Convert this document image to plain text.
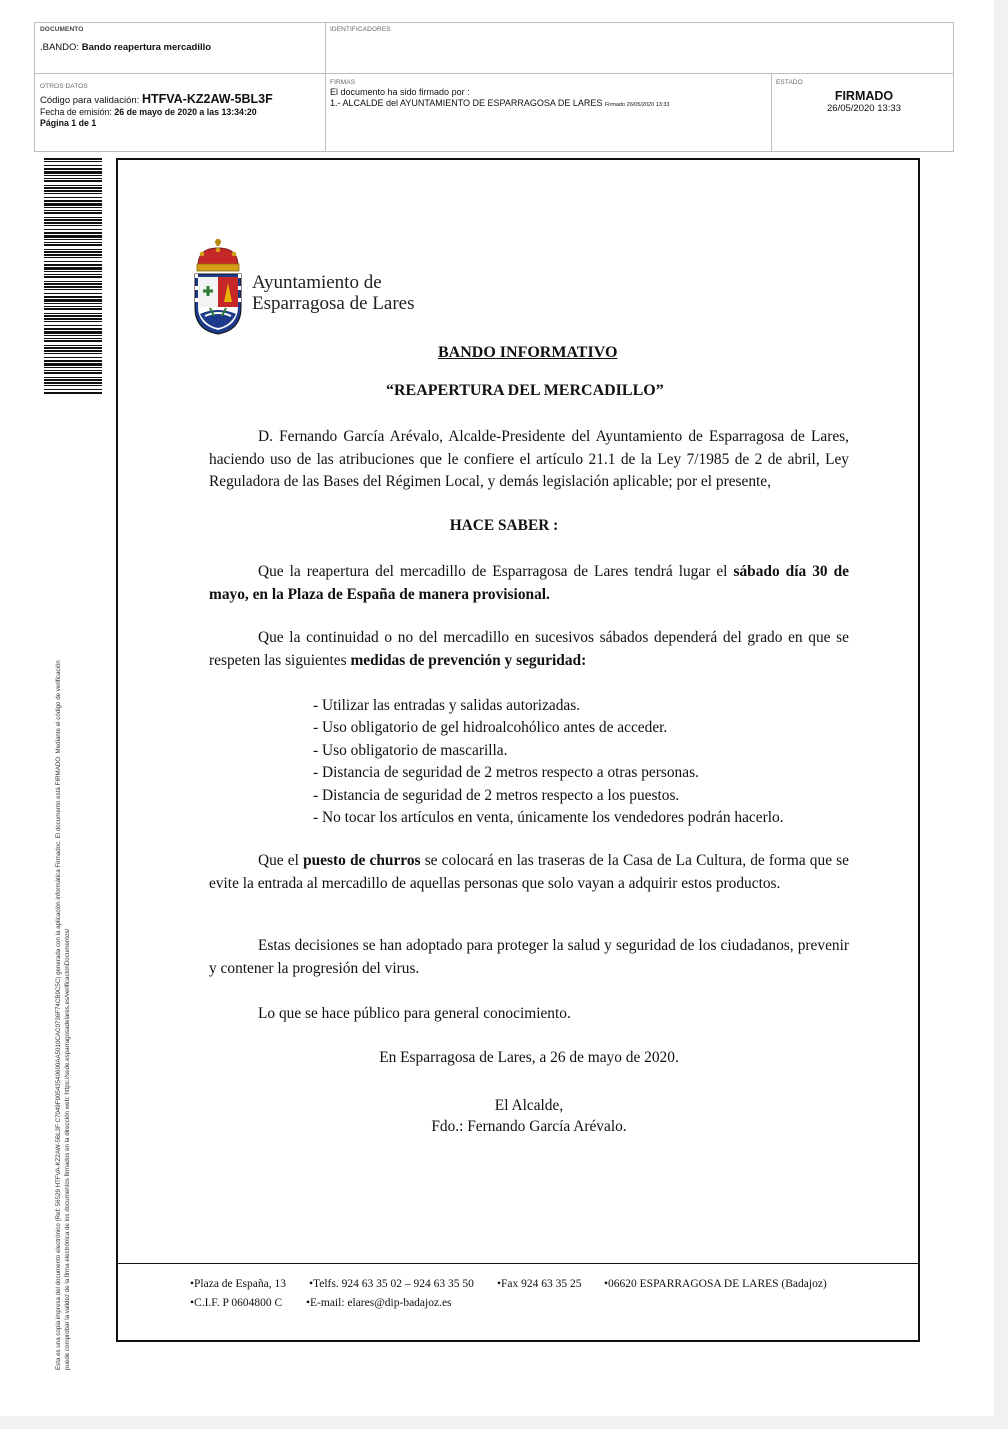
DOCUMENTO
.BANDO: Bando reapertura mercadillo
IDENTIFICADORES
OTROS DATOS
Código para validación: HTFVA-KZ2AW-5BL3F
Fecha de emisión: 26 de mayo de 2020 a las 13:34:20
Página 1 de 1
FIRMAS
El documento ha sido firmado por :
1.- ALCALDE del AYUNTAMIENTO DE ESPARRAGOSA DE LARES Firmado 26/05/2020 13:33
ESTADO
FIRMADO
26/05/2020 13:33
Esta es una copia impresa del documento electrónico (Ref: 56529 HTFVA-KZ2AW-5BL3F C7049F90543540600AA5010CAC0736F74CB9C5C) generada con la aplicación informática Firmadoc. El documento está FIRMADO. Mediante el código de verificación puede comprobar la validez de la firma electrónica de los documentos firmados en la dirección web: https://sede.esparragosadelares.es/verificacionDocumentos/
Ayuntamiento de
Esparragosa de Lares
BANDO INFORMATIVO
“REAPERTURA DEL MERCADILLO”
D. Fernando García Arévalo, Alcalde-Presidente del Ayuntamiento de Esparragosa de Lares, haciendo uso de las atribuciones que le confiere el artículo 21.1 de la Ley 7/1985 de 2 de abril, Ley Reguladora de las Bases del Régimen Local, y demás legislación aplicable; por el presente,
HACE SABER :
Que la reapertura del mercadillo de Esparragosa de Lares tendrá lugar el sábado día 30 de mayo, en la Plaza de España de manera provisional.
Que la continuidad o no del mercadillo en sucesivos sábados dependerá del grado en que se respeten las siguientes medidas de prevención y seguridad:
- Utilizar las entradas y salidas autorizadas.
- Uso obligatorio de gel hidroalcohólico antes de acceder.
- Uso obligatorio de mascarilla.
- Distancia de seguridad de 2 metros respecto a otras personas.
- Distancia de seguridad de 2 metros respecto a los puestos.
- No tocar los artículos en venta, únicamente los vendedores podrán hacerlo.
Que el puesto de churros se colocará en las traseras de la Casa de La Cultura, de forma que se evite la entrada al mercadillo de aquellas personas que solo vayan a adquirir estos productos.
Estas decisiones se han adoptado para proteger la salud y seguridad de los ciudadanos, prevenir y contener la progresión del virus.
Lo que se hace público para general conocimiento.
En Esparragosa de Lares, a 26 de mayo de 2020.
El Alcalde,
Fdo.: Fernando García Arévalo.
•Plaza de España, 13 •Telfs. 924 63 35 02 – 924 63 35 50 •Fax 924 63 35 25 •06620 ESPARRAGOSA DE LARES (Badajoz)
•C.I.F. P 0604800 C •E-mail: elares@dip-badajoz.es
